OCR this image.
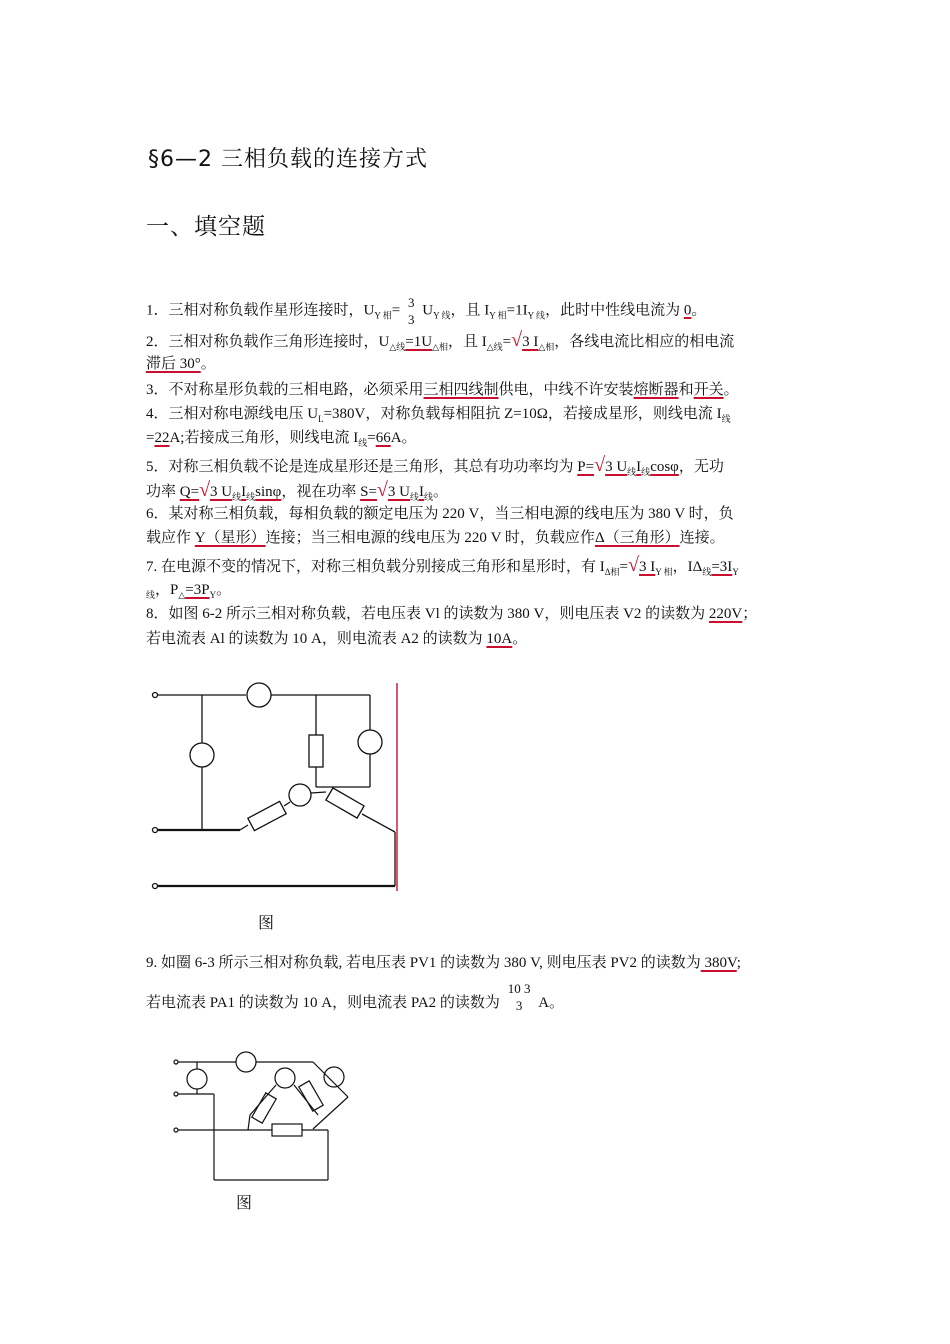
§6—2 三相负载的连接方式
一、填空题
1．三相对称负载作星形连接时，$U_{Y 相}= 3$
3 $U_{Y 线}$，且 $I_{Y 相}=1I_{Y 线}$，此时中性线电流为 0。
2．三相对称负载作三角形连接时，$U_{\triangle 线}=1U_{\triangle 相}$，且 $I_{\triangle 线}=√3$ $I_{\triangle 相}$，各线电流比相应的相电流
滞后 30°。
3．不对称星形负载的三相电路，必须采用三相四线制供电，中线不许安装熔断器和开关。
4．三相对称电源线电压 $U_L=380V$，对称负载每相阻抗 Z=10Ω，若接成星形，则线电流 $I_线$
=22A;若接成三角形，则线电流 $I_线=66A$。
5．对称三相负载不论是连成星形还是三角形，其总有功功率均为 P=√3 $U_线I_线\cos\varphi$，无功
功率 Q=√3 $U_线I_线\sin\varphi$，视在功率 S=√3 $U_线I_线$。
6．某对称三相负载，每相负载的额定电压为 220 V，当三相电源的线电压为 380 V 时，负
载应作 Y（星形）连接；当三相电源的线电压为 220 V 时，负载应作Δ（三角形）连接。
7. 在电源不变的情况下，对称三相负载分别接成三角形和星形时，有 $I_{\Delta 相}=√3$ $I_{Y 相}$，$I\Delta_线=3I_Y$
$_线$，$P_\triangle=3P_Y$。
8．如图 6-2 所示三相对称负载，若电压表 Vl 的读数为 380 V，则电压表 V2 的读数为 220V；
若电流表 Al 的读数为 10 A，则电流表 A2 的读数为 10A。
图
9. 如圈 6-3 所示三相对称负载, 若电压表 PV1 的读数为 380 V, 则电压表 PV2 的读数为 380V;
若电流表 PA1 的读数为 10 A，则电流表 PA2 的读数为 10 3
3 A。
图
